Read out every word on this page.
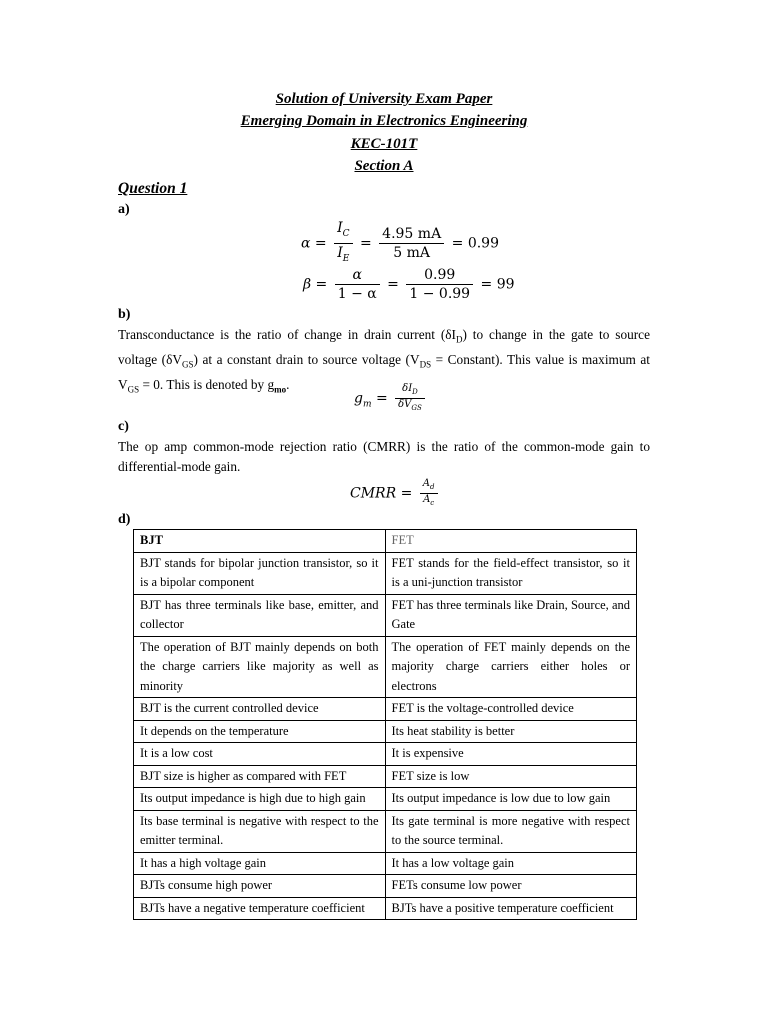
Solution of University Exam Paper
Emerging Domain in Electronics Engineering
KEC-101T
Section A
Question 1
a)
$\alpha = \frac{I_C}{I_E} = \frac{4.95 mA}{5 mA} = 0.99$
$\beta = \frac{\alpha}{1 - \alpha} = \frac{0.99}{1 - 0.99} = 99$
b)
Transconductance is the ratio of change in drain current $(\delta I_D)$ to change in the gate to source voltage $(\delta V_{GS})$ at a constant drain to source voltage ($V_{DS}$ = Constant). This value is maximum at $V_{GS} = 0$. This is denoted by $g_{mo}$.
$g_m = \frac{\delta I_D}{\delta V_{GS}}$
c)
The op amp common-mode rejection ratio (CMRR) is the ratio of the common-mode gain to differential-mode gain.
CMRR = $\frac{A_d}{A_c}$
d)
BJT	FET
BJT stands for bipolar junction transistor, so it is a bipolar component	FET stands for the field-effect transistor, so it is a uni-junction transistor
BJT has three terminals like base, emitter, and collector	FET has three terminals like Drain, Source, and Gate
The operation of BJT mainly depends on both the charge carriers like majority as well as minority	The operation of FET mainly depends on the majority charge carriers either holes or electrons
BJT is the current controlled device	FET is the voltage-controlled device
It depends on the temperature	Its heat stability is better
It is a low cost	It is expensive
BJT size is higher as compared with FET	FET size is low
Its output impedance is high due to high gain	Its output impedance is low due to low gain
Its base terminal is negative with respect to the emitter terminal.	Its gate terminal is more negative with respect to the source terminal.
It has a high voltage gain	It has a low voltage gain
BJTs consume high power	FETs consume low power
BJTs have a negative temperature coefficient	BJTs have a positive temperature coefficient
